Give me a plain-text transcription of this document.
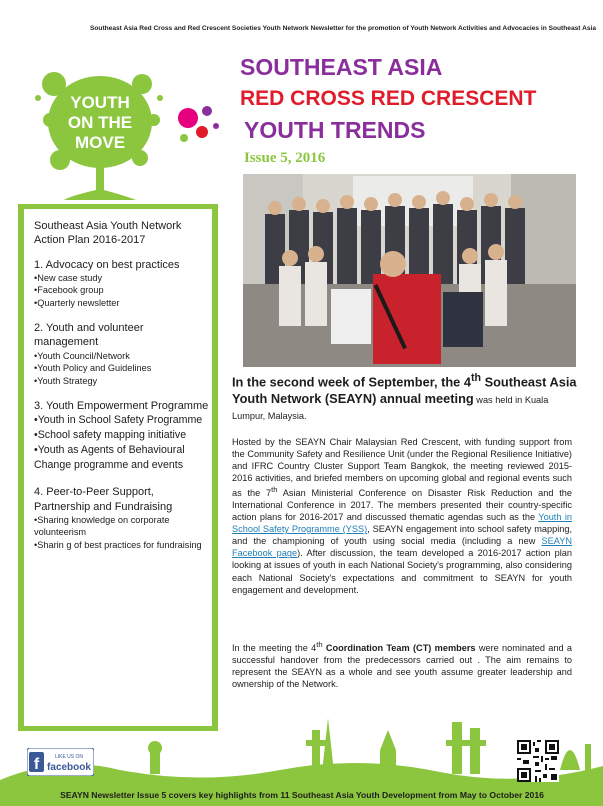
Southeast Asia Red Cross and Red Crescent Societies Youth Network Newsletter for the promotion of Youth Network Activities and Advocacies in Southeast Asia
YOUTH
ON THE
MOVE
SOUTHEAST ASIA
RED CROSS RED CRESCENT
YOUTH TRENDS
Issue 5, 2016
Southeast Asia Youth Network Action Plan 2016-2017
1. Advocacy on best practices
•New case study
•Facebook group
•Quarterly newsletter
2. Youth and volunteer management
•Youth Council/Network
•Youth Policy and Guidelines
•Youth Strategy
3. Youth Empowerment Programme
•Youth in School Safety Programme
•School safety mapping initiative
•Youth as Agents of Behavioural Change programme and events
4. Peer-to-Peer Support, Partnership and Fundraising
•Sharing knowledge on corporate volunteerism
•Sharin g of best practices for fundraising
In the second week of September, the 4th Southeast Asia Youth Network (SEAYN) annual meeting was held in Kuala Lumpur, Malaysia.
Hosted by the SEAYN Chair Malaysian Red Crescent, with funding support from the Community Safety and Resilience Unit (under the Regional Resilience Initiative) and IFRC Country Cluster Support Team Bangkok, the meeting reviewed 2015-2016 activities, and briefed members on upcoming global and regional events such as the 7th Asian Ministerial Conference on Disaster Risk Reduction and the International Conference in 2017. The members presented their country-specific action plans for 2016-2017 and discussed thematic agendas such as the Youth in School Safety Programme (YSS), SEAYN engagement into school safety mapping, and the championing of youth using social media (including a new SEAYN Facebook page). After discussion, the team developed a 2016-2017 action plan looking at issues of youth in each National Society's programming, also considering each National Society's expectations and commitment to SEAYN for youth engagement and development.
In the meeting the 4th Coordination Team (CT) members were nominated and a successful handover from the predecessors carried out . The aim remains to represent the SEAYN as a whole and see youth assume greater leadership and ownership of the Network.
f	LIKE US ON
facebook
SEAYN Newsletter Issue 5 covers key highlights from 11 Southeast Asia Youth Development from May to October 2016
